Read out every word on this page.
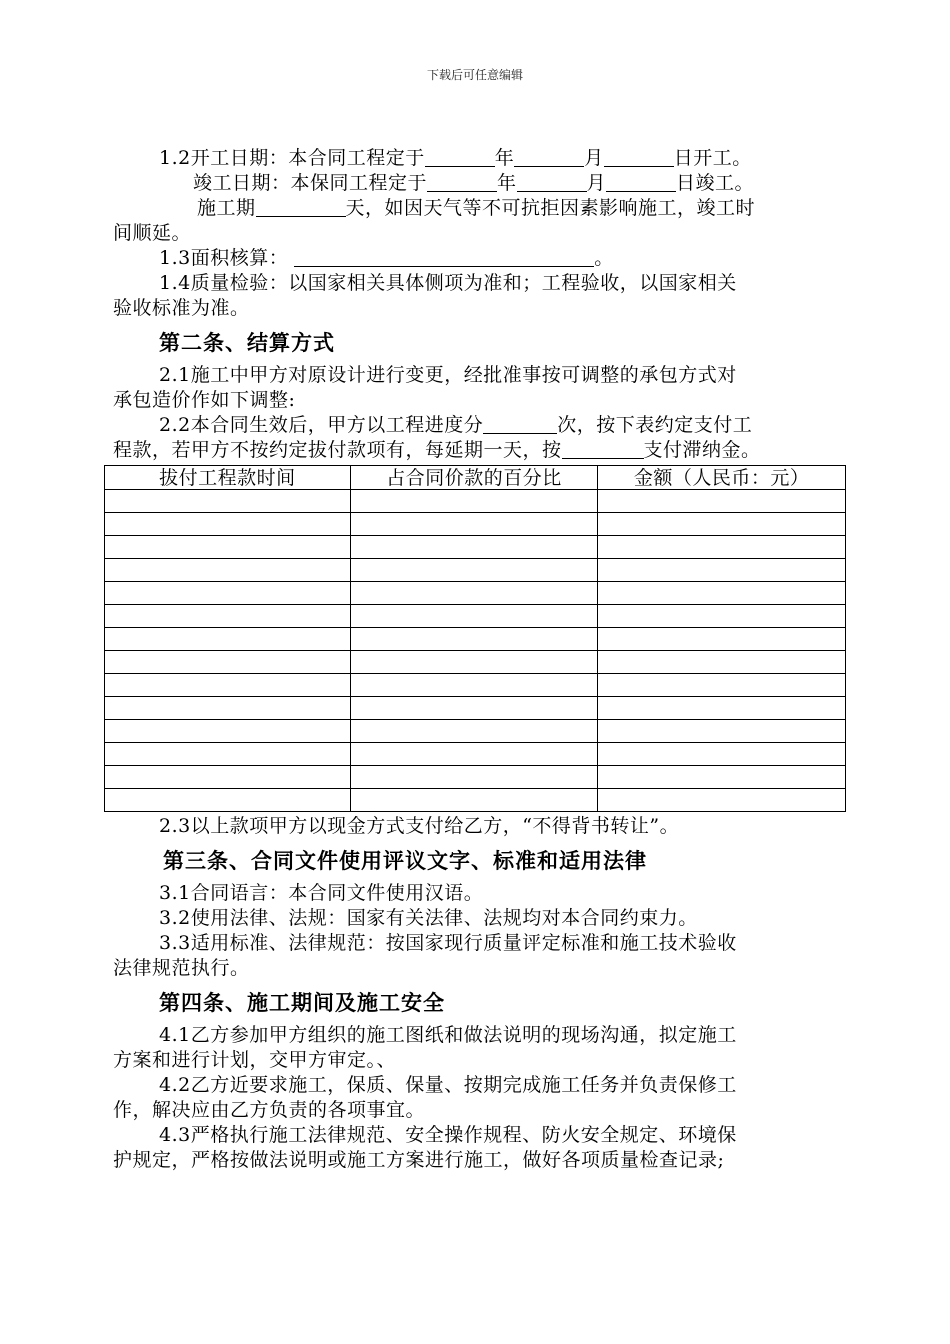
下载后可任意编辑

1.2开工日期：本合同工程定于	年	月	日开工。

竣工日期：本保同工程定于	年	月	日竣工。

施工期	天，如因天气等不可抗拒因素影响施工，竣工时

间顺延。

1.3面积核算：	。

1.4质量检验：以国家相关具体侧项为准和；工程验收，以国家相关

验收标准为准。

第二条、结算方式

2.1施工中甲方对原设计进行变更，经批准事按可调整的承包方式对

承包造价作如下调整:

2.2本合同生效后，甲方以工程进度分	次，按下表约定支付工

程款，若甲方不按约定拔付款项有，每延期一天，按	支付滞纳金。

拔付工程款时间	占合同价款的百分比	金额（人民币：元）

2.3以上款项甲方以现金方式支付给乙方，“不得背书转让”。

第三条、合同文件使用评议文字、标准和适用法律

3.1合同语言：本合同文件使用汉语。

3.2使用法律、法规：国家有关法律、法规均对本合同约束力。

3.3适用标准、法律规范：按国家现行质量评定标准和施工技术验收

法律规范执行。

第四条、施工期间及施工安全

4.1乙方参加甲方组织的施工图纸和做法说明的现场沟通，拟定施工

方案和进行计划，交甲方审定。、

4.2乙方近要求施工，保质、保量、按期完成施工任务并负责保修工

作，解决应由乙方负责的各项事宜。

4.3严格执行施工法律规范、安全操作规程、防火安全规定、环境保

护规定，严格按做法说明或施工方案进行施工，做好各项质量检查记录;
